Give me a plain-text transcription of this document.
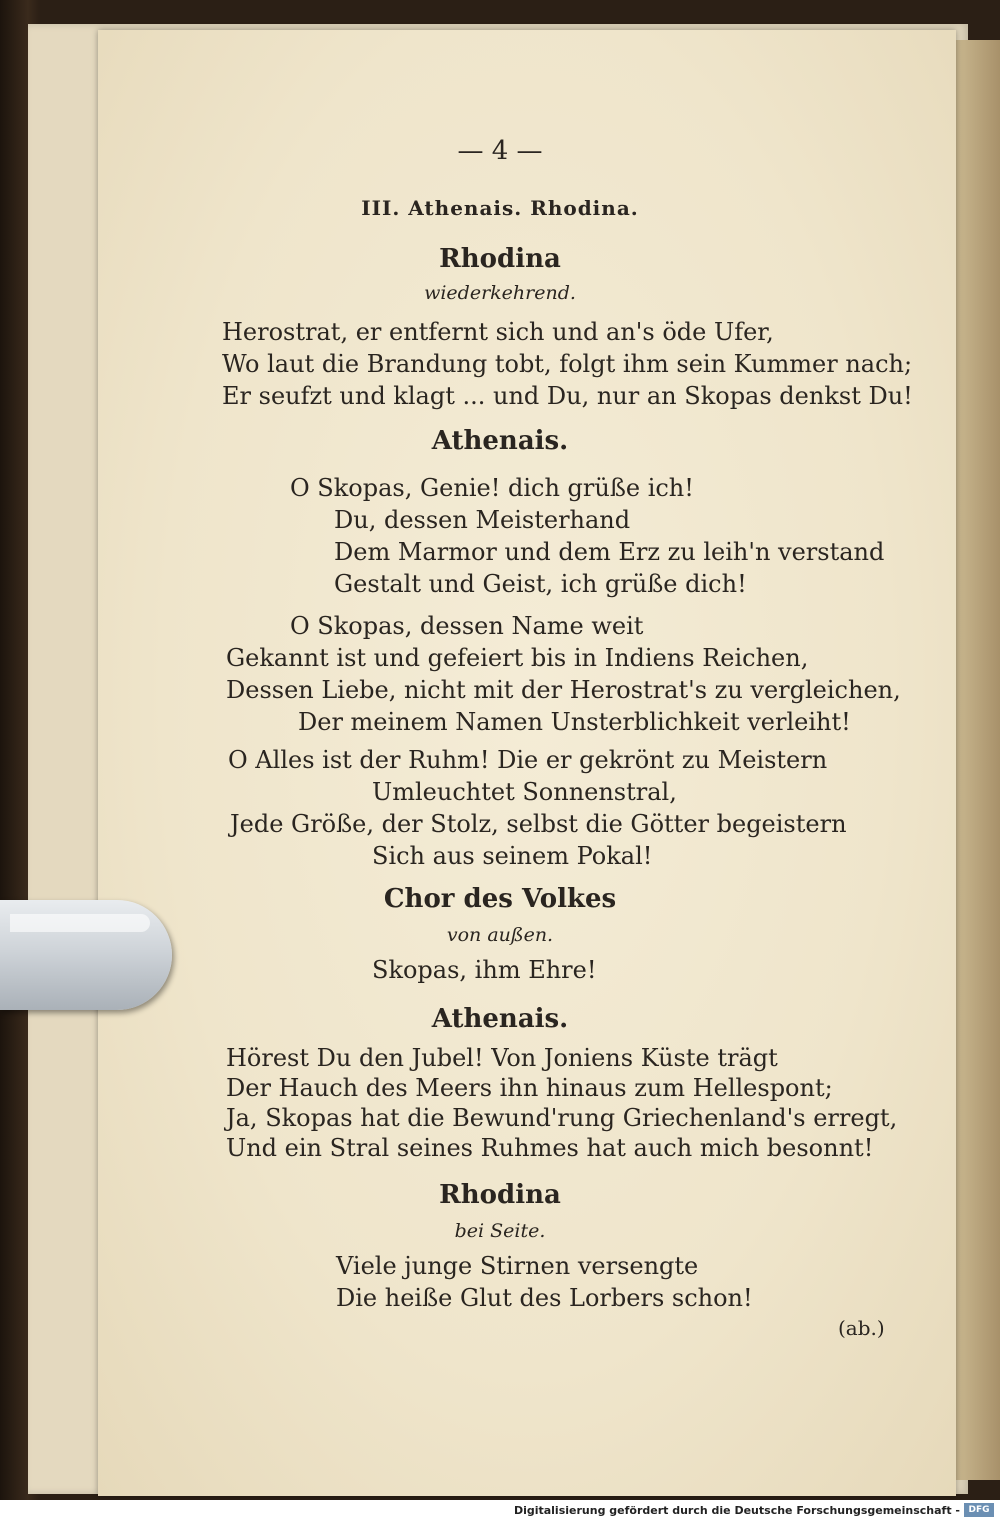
— 4 —
III. Athenais. Rhodina.
Rhodina
wiederkehrend.
Herostrat, er entfernt sich und an's öde Ufer,
Wo laut die Brandung tobt, folgt ihm sein Kummer nach;
Er seufzt und klagt ... und Du, nur an Skopas denkst Du!
Athenais.
O Skopas, Genie! dich grüße ich!
Du, dessen Meisterhand
Dem Marmor und dem Erz zu leih'n verstand
Gestalt und Geist, ich grüße dich!
O Skopas, dessen Name weit
Gekannt ist und gefeiert bis in Indiens Reichen,
Dessen Liebe, nicht mit der Herostrat's zu vergleichen,
Der meinem Namen Unsterblichkeit verleiht!
O Alles ist der Ruhm! Die er gekrönt zu Meistern
Umleuchtet Sonnenstral,
Jede Größe, der Stolz, selbst die Götter begeistern
Sich aus seinem Pokal!
Chor des Volkes
von außen.
Skopas, ihm Ehre!
Athenais.
Hörest Du den Jubel! Von Joniens Küste trägt
Der Hauch des Meers ihn hinaus zum Hellespont;
Ja, Skopas hat die Bewund'rung Griechenland's erregt,
Und ein Stral seines Ruhmes hat auch mich besonnt!
Rhodina
bei Seite.
Viele junge Stirnen versengte
Die heiße Glut des Lorbers schon!
(ab.)
Digitalisierung gefördert durch die Deutsche Forschungsgemeinschaft - DFG
